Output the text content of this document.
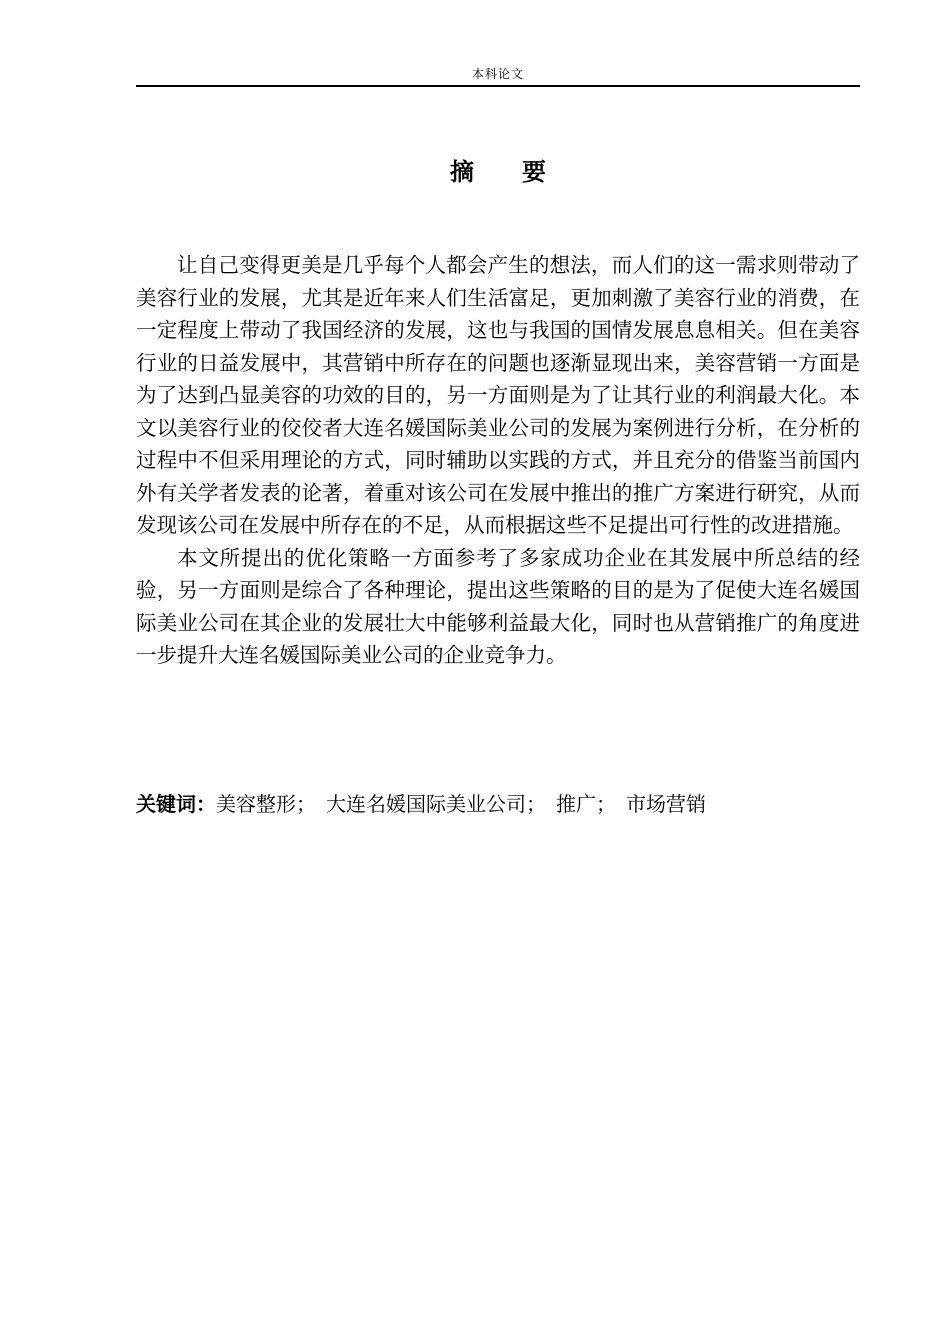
本科论文
摘 要

让自己变得更美是几乎每个人都会产生的想法，而人们的这一需求则带动了美容行业的发展，尤其是近年来人们生活富足，更加刺激了美容行业的消费，在一定程度上带动了我国经济的发展，这也与我国的国情发展息息相关。但在美容行业的日益发展中，其营销中所存在的问题也逐渐显现出来，美容营销一方面是为了达到凸显美容的功效的目的，另一方面则是为了让其行业的利润最大化。本文以美容行业的佼佼者大连名媛国际美业公司的发展为案例进行分析，在分析的过程中不但采用理论的方式，同时辅助以实践的方式，并且充分的借鉴当前国内外有关学者发表的论著，着重对该公司在发展中推出的推广方案进行研究，从而发现该公司在发展中所存在的不足，从而根据这些不足提出可行性的改进措施。

本文所提出的优化策略一方面参考了多家成功企业在其发展中所总结的经验，另一方面则是综合了各种理论，提出这些策略的目的是为了促使大连名媛国际美业公司在其企业的发展壮大中能够利益最大化，同时也从营销推广的角度进一步提升大连名媛国际美业公司的企业竞争力。

关键词：美容整形；　大连名媛国际美业公司；　推广；　市场营销
